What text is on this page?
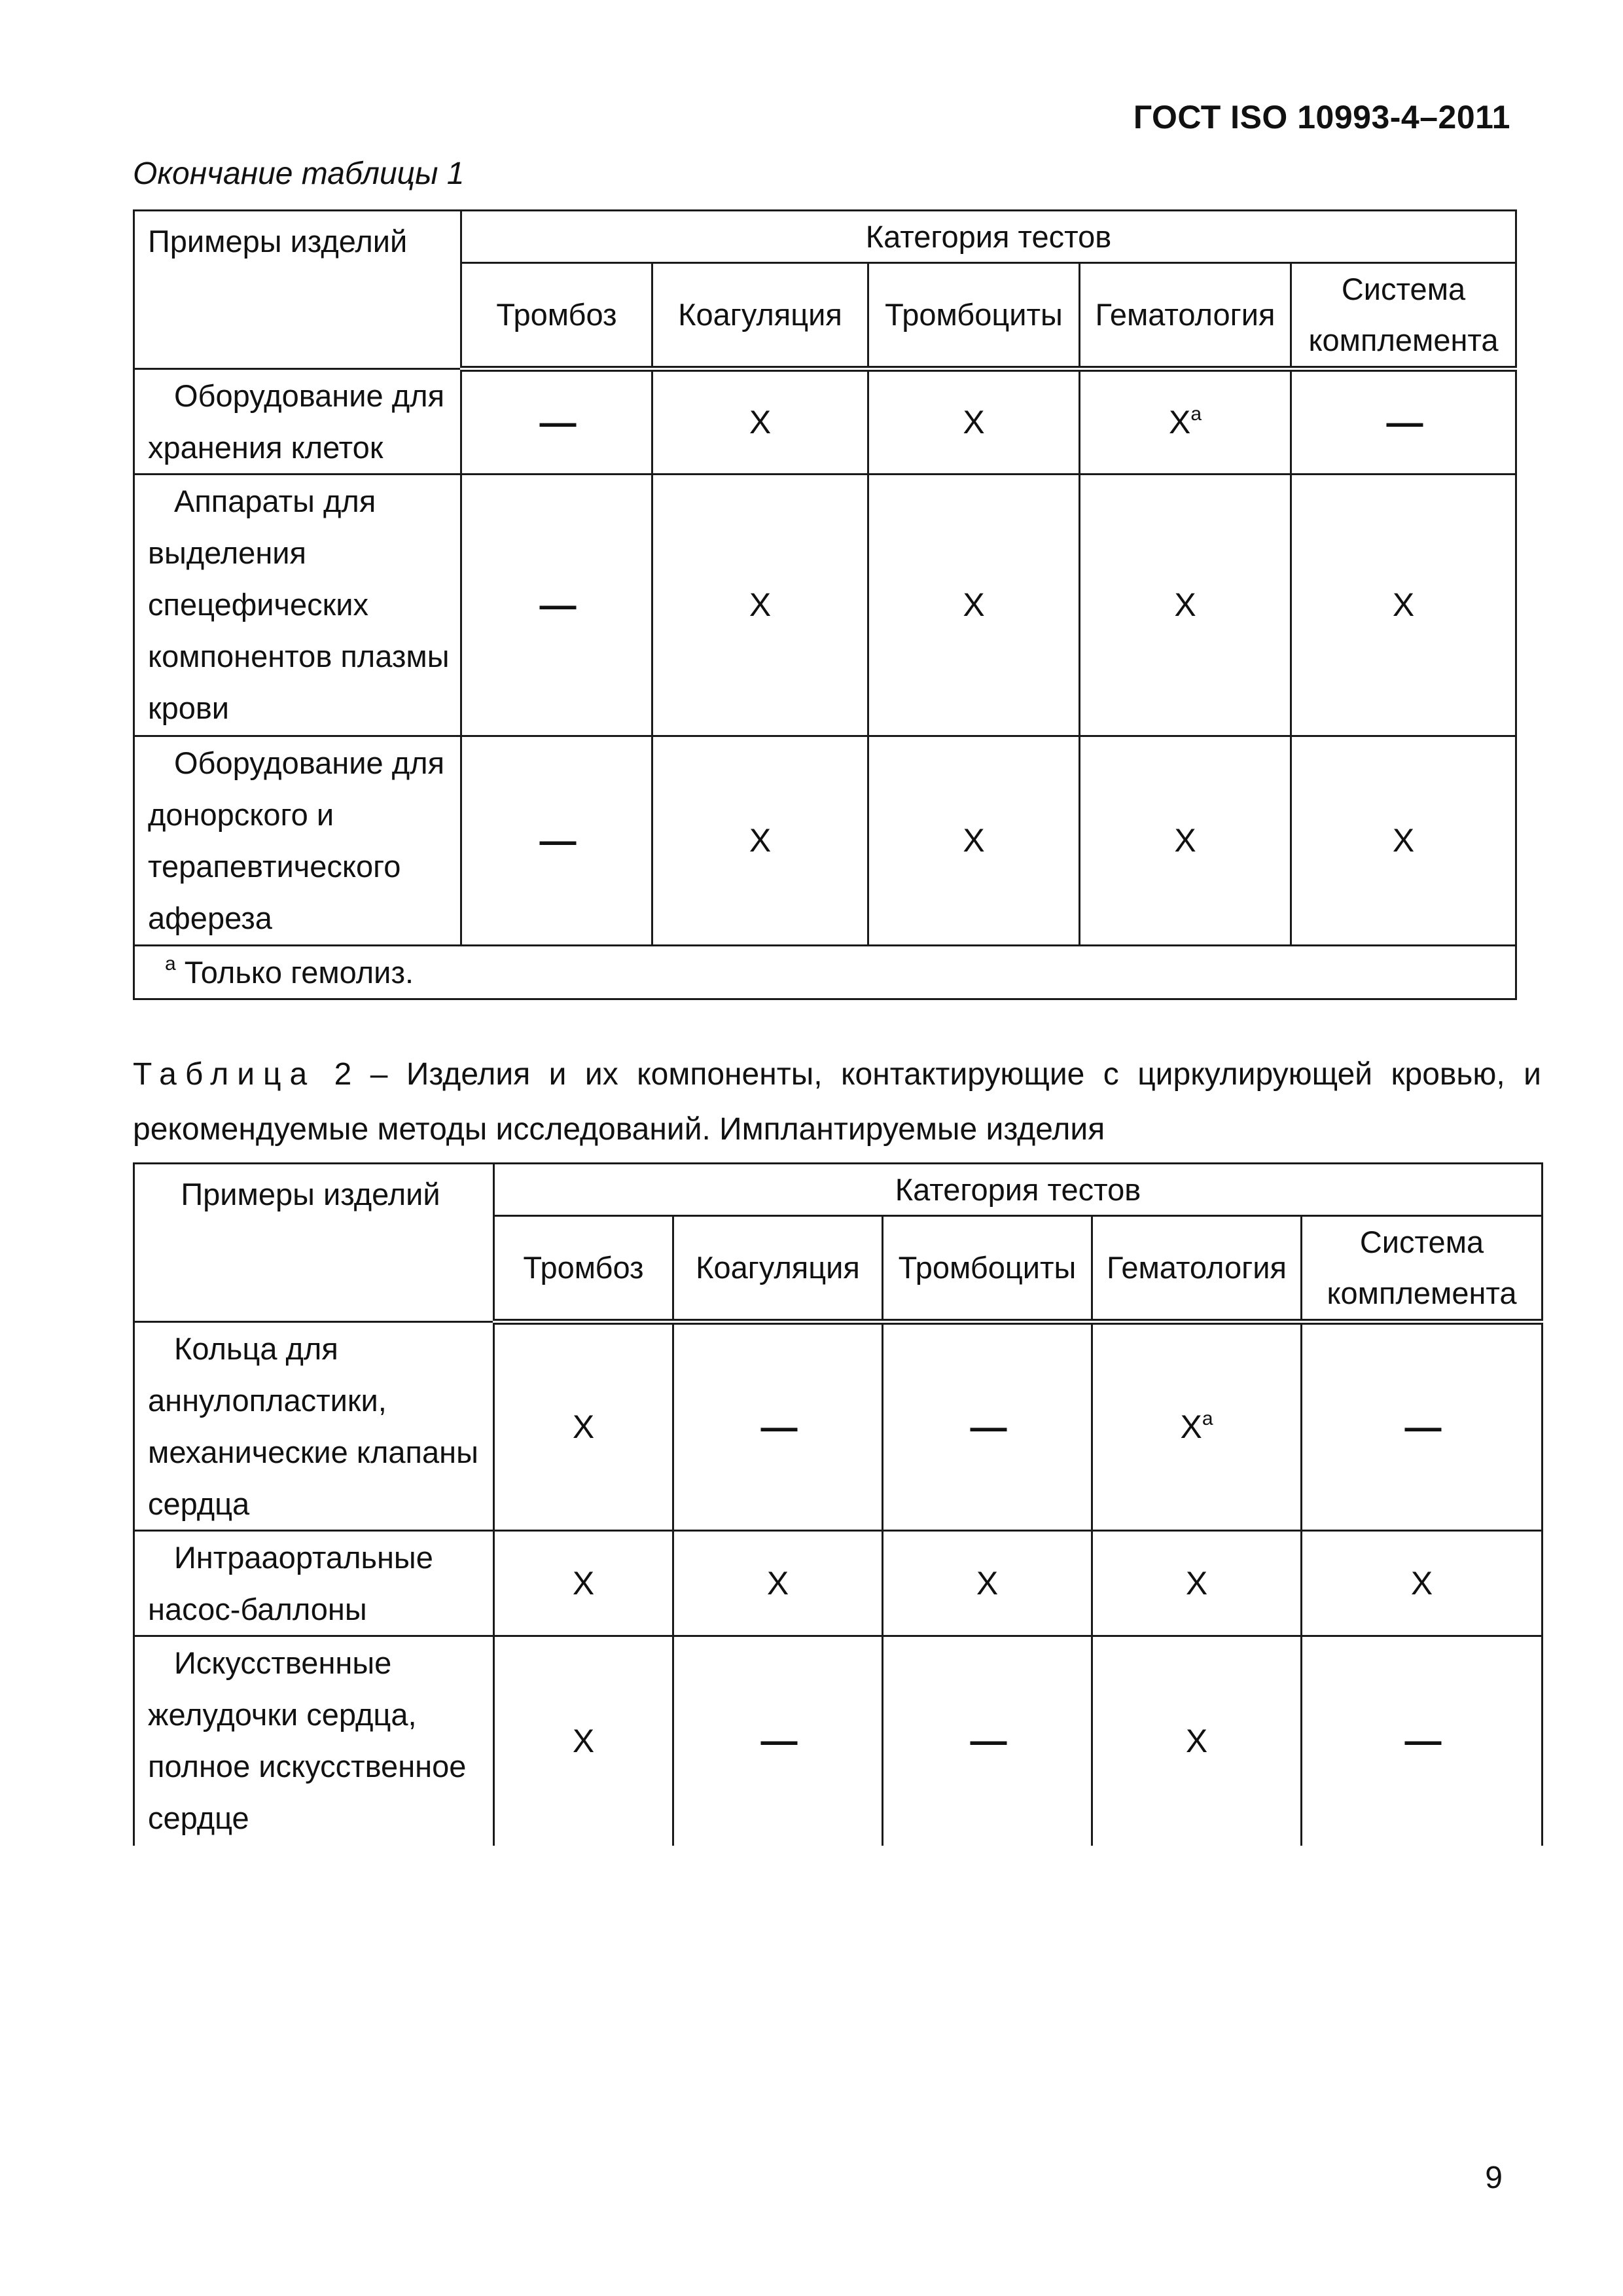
ГОСТ ISO 10993-4–2011
Окончание таблицы 1
Примеры изделий	Категория тестов				
	Тромбоз	Коагуляция	Тромбоциты	Гематология	Система комплемента

Оборудование для
хранения клеток	—	X	X	X$^а$	—

Аппараты для
выделения спецефических компонентов плазмы крови	—	X	X	X	X

Оборудование для
донорского и терапевтического афереза	—	X	X	X	X
$^а$ Только гемолиз.					
Таблица 2 – Изделия и их компоненты, контактирующие с циркулирующей кровью, и рекомендуемые методы исследований. Имплантируемые изделия
Примеры изделий	Категория тестов				
	Тромбоз	Коагуляция	Тромбоциты	Гематология	Система комплемента

Кольца для
аннулопластики, механические клапаны сердца	X	—	—	X$^а$	—

Интрааортальные
насос-баллоны	X	X	X	X	X

Искусственные
желудочки сердца, полное искусственное сердце	X	—	—	X	—
9
